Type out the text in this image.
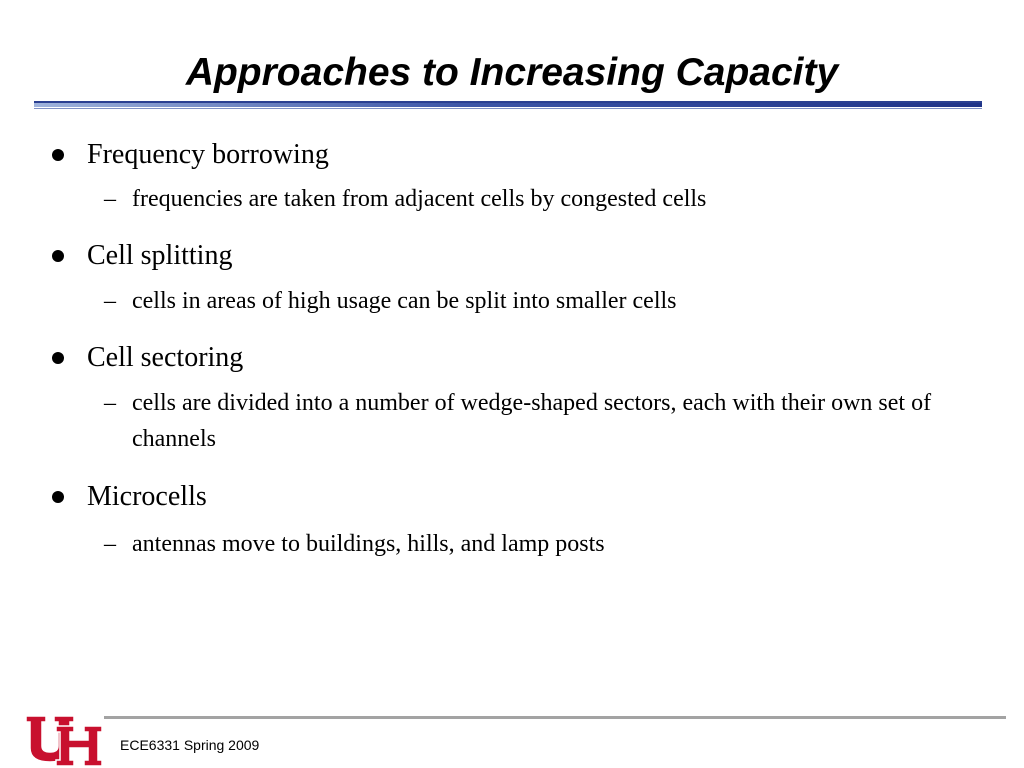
Approaches to Increasing Capacity
Frequency borrowing
– frequencies are taken from adjacent cells by congested cells
Cell splitting
– cells in areas of high usage can be split into smaller cells
Cell sectoring
– cells are divided into a number of wedge-shaped sectors, each with their own set of channels
Microcells
– antennas move to buildings, hills, and lamp posts
ECE6331 Spring 2009
